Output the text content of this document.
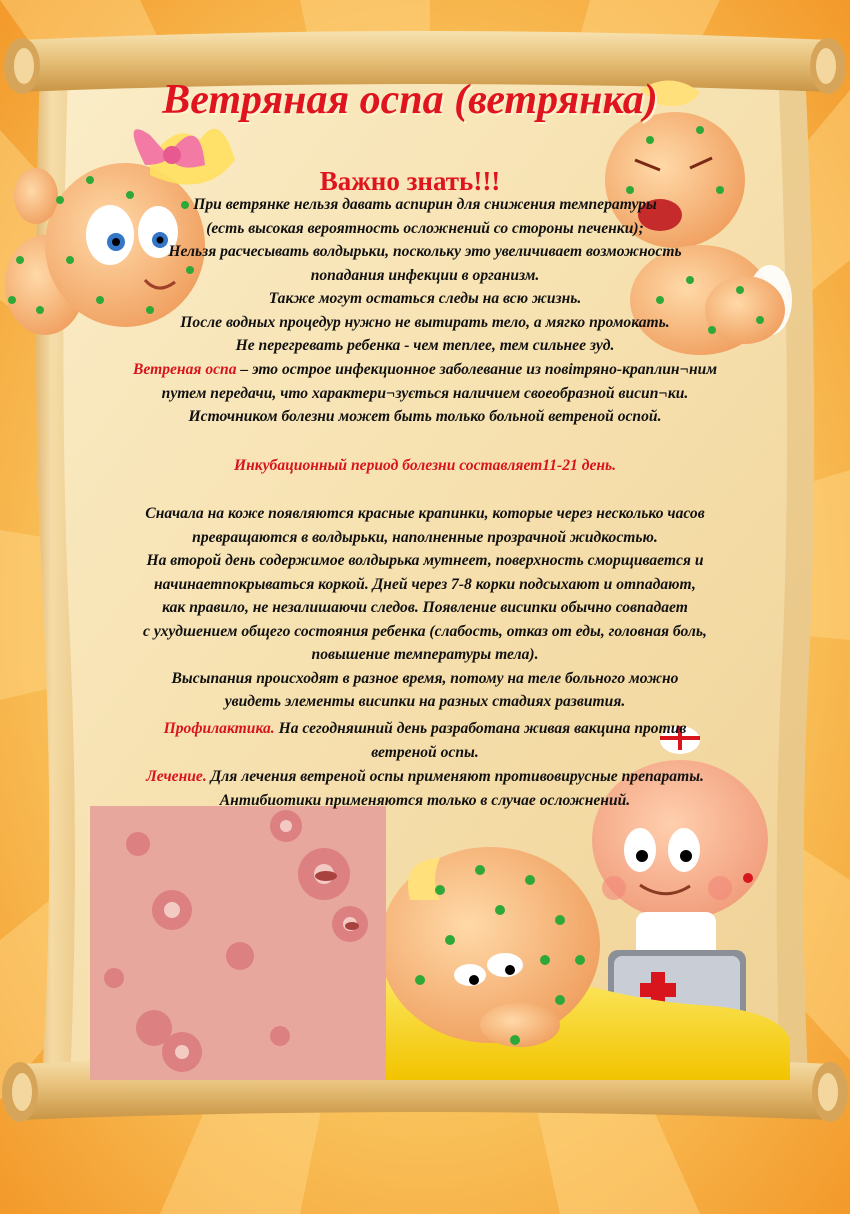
Ветряная оспа (ветрянка)
Важно знать!!!
При ветрянке нельзя давать аспирин для снижения температуры
(есть высокая вероятность осложнений со стороны печенки);
Нельзя расчесывать волдырьки, поскольку это увеличивает возможность
попадания инфекции в организм.
Также могут остаться следы на всю жизнь.
После водных процедур нужно не вытирать тело, а мягко промокать.
Не перегревать ребенка - чем теплее, тем сильнее зуд.
Ветреная оспа – это острое инфекционное заболевание из повітряно-краплин¬ним
путем передачи, что характери¬зується наличием своеобразной висип¬ки.
Источником болезни может быть только больной ветреной оспой.
Инкубационный период болезни составляет11-21 день.
Сначала на коже появляются красные крапинки, которые через несколько часов
превращаются в волдырьки, наполненные прозрачной жидкостью.
На второй день содержимое волдырька мутнеет, поверхность сморщивается и
начинаетпокрываться коркой. Дней через 7-8 корки подсыхают и отпадают,
как правило, не незалишаючи следов. Появление висипки обычно совпадает
с ухудшением общего состояния ребенка (слабость, отказ от еды, головная боль,
повышение температуры тела).
Высыпания происходят в разное время, потому на теле больного можно
увидеть элементы висипки на разных стадиях развития.
Профилактика. На сегодняшний день разработана живая вакцина против
ветреной оспы.
Лечение. Для лечения ветреной оспы применяют противовирусные препараты.
Антибиотики применяются только в случае осложнений.
